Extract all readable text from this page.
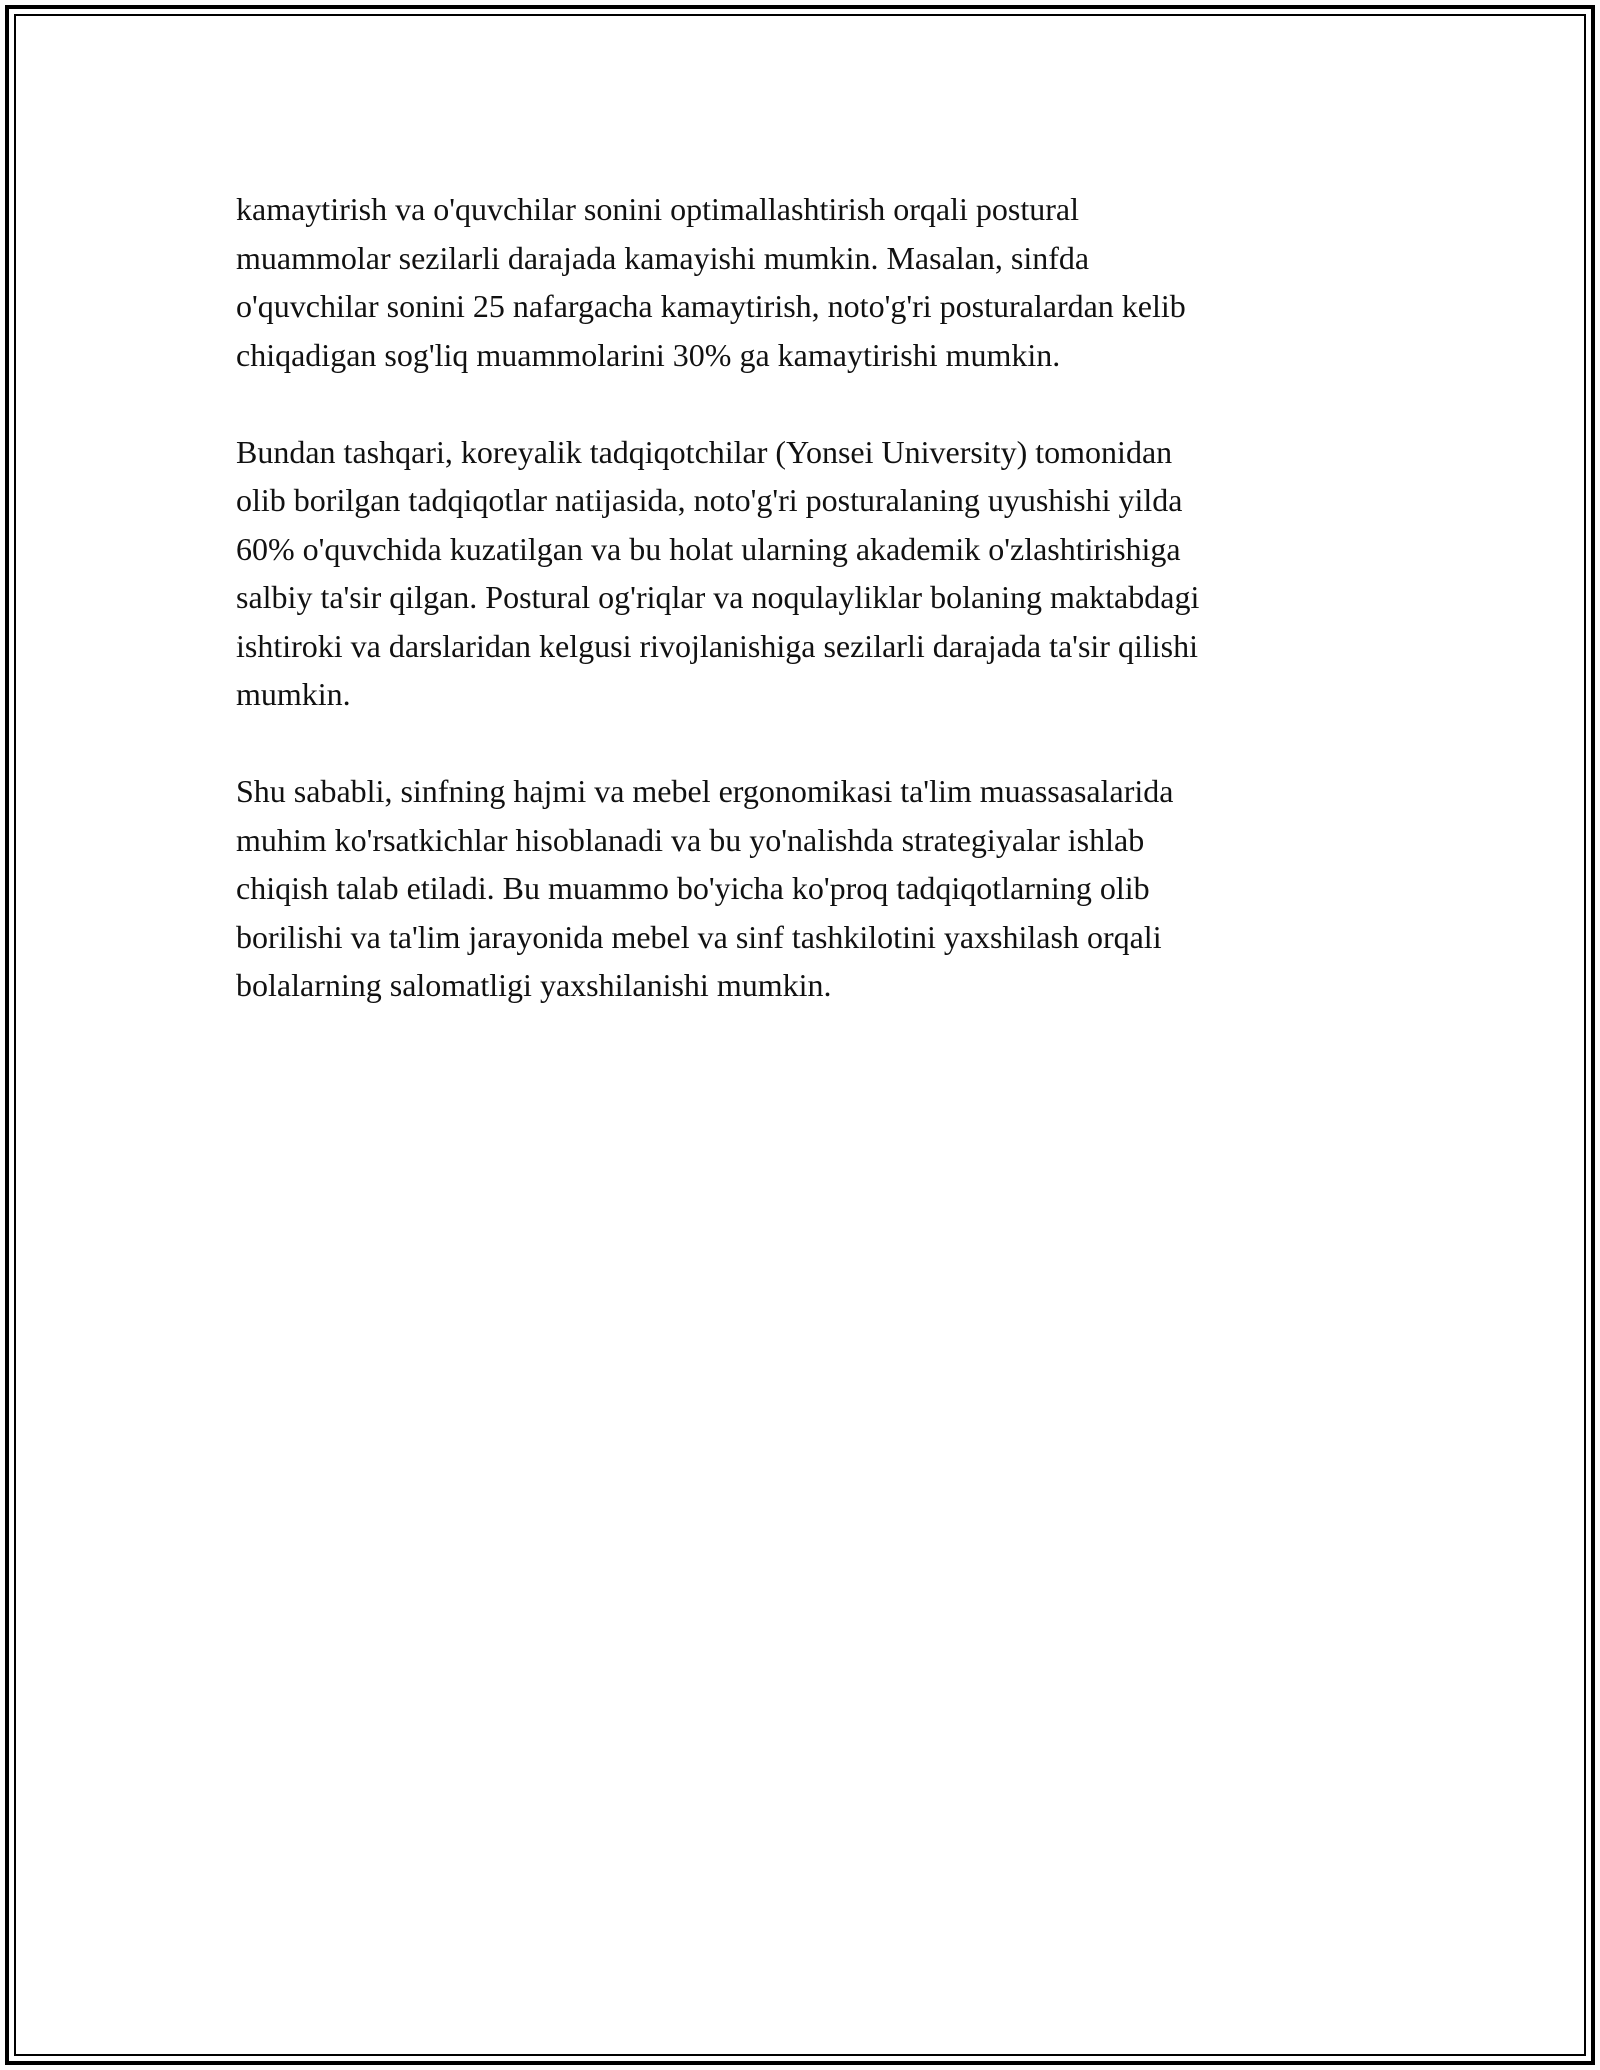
kamaytirish va o'quvchilar sonini optimallashtirish orqali postural
muammolar sezilarli darajada kamayishi mumkin. Masalan, sinfda
o'quvchilar sonini 25 nafargacha kamaytirish, noto'g'ri posturalardan kelib
chiqadigan sog'liq muammolarini 30% ga kamaytirishi mumkin.

Bundan tashqari, koreyalik tadqiqotchilar (Yonsei University) tomonidan
olib borilgan tadqiqotlar natijasida, noto'g'ri posturalaning uyushishi yilda
60% o'quvchida kuzatilgan va bu holat ularning akademik o'zlashtirishiga
salbiy ta'sir qilgan. Postural og'riqlar va noqulayliklar bolaning maktabdagi
ishtiroki va darslaridan kelgusi rivojlanishiga sezilarli darajada ta'sir qilishi
mumkin.

Shu sababli, sinfning hajmi va mebel ergonomikasi ta'lim muassasalarida
muhim ko'rsatkichlar hisoblanadi va bu yo'nalishda strategiyalar ishlab
chiqish talab etiladi. Bu muammo bo'yicha ko'proq tadqiqotlarning olib
borilishi va ta'lim jarayonida mebel va sinf tashkilotini yaxshilash orqali
bolalarning salomatligi yaxshilanishi mumkin.
